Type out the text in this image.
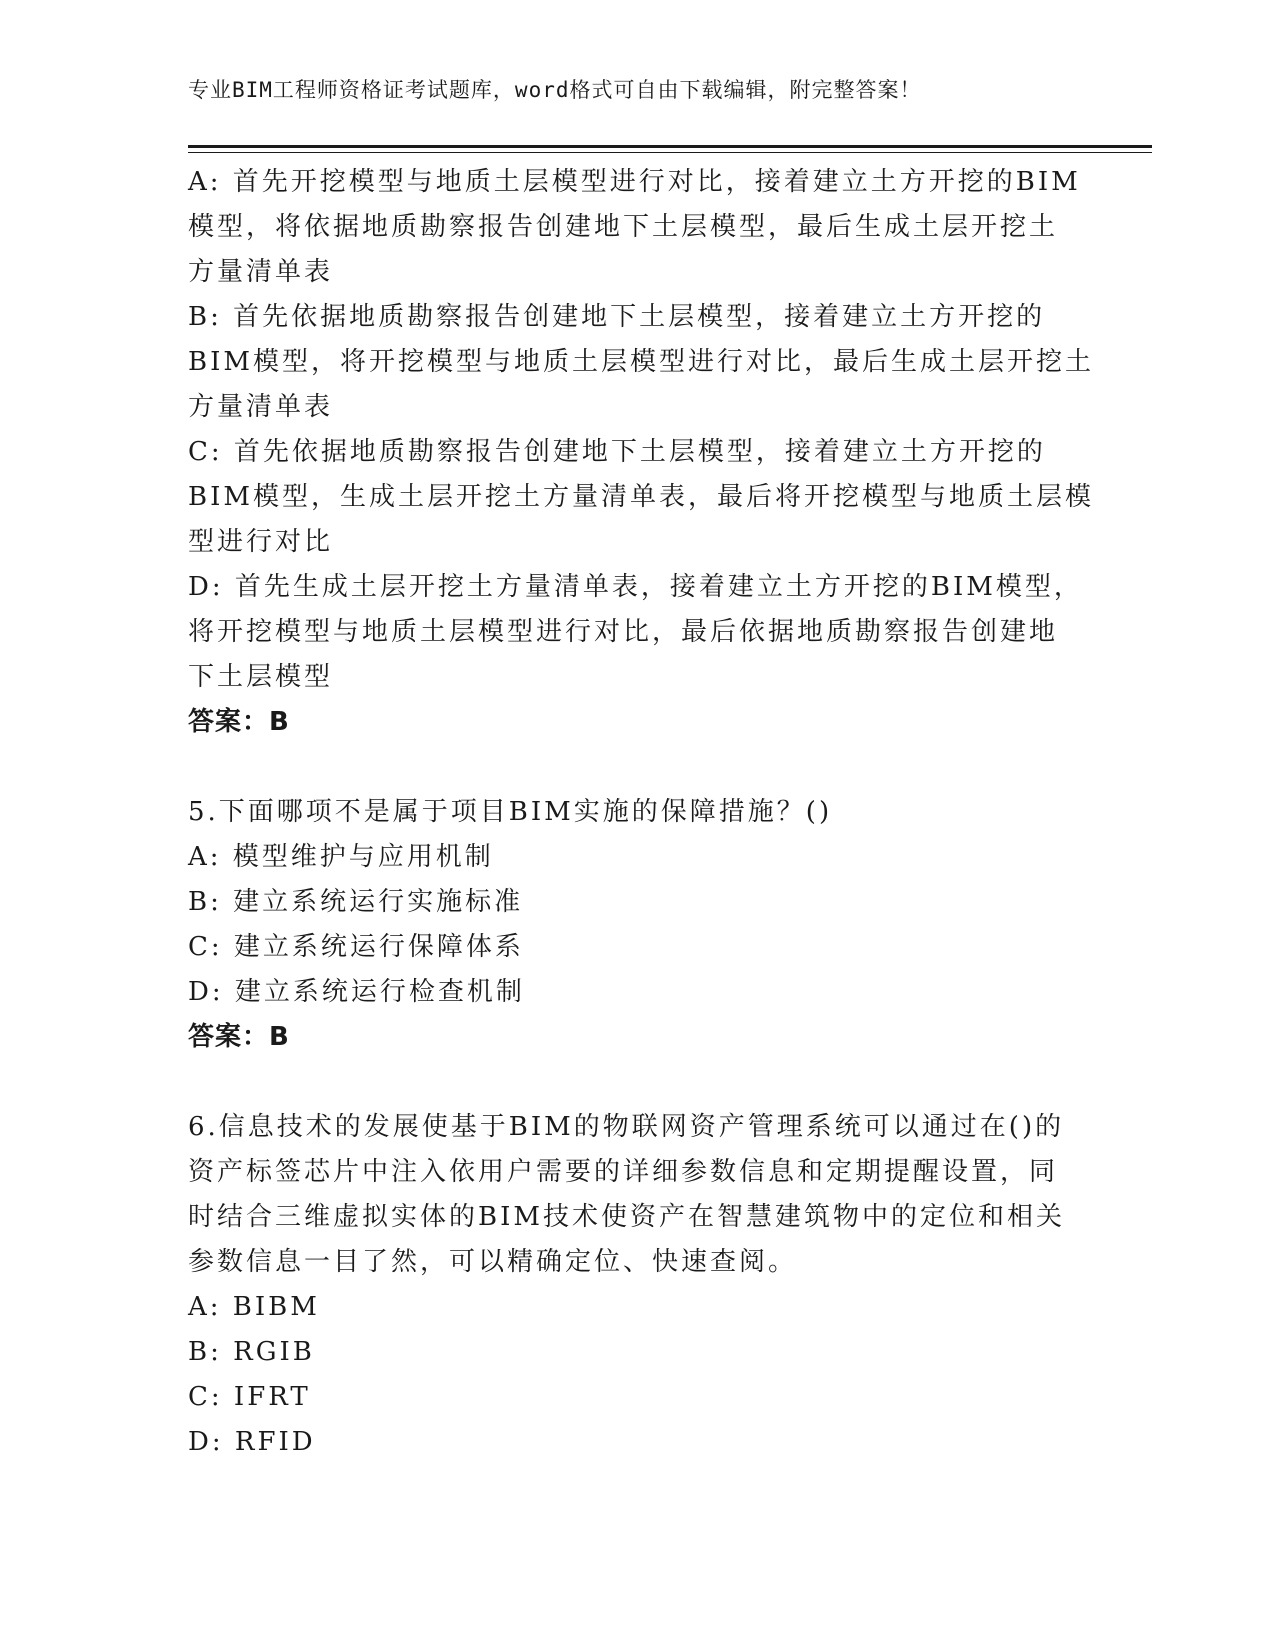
专业BIM工程师资格证考试题库，word格式可自由下载编辑，附完整答案！
A: 首先开挖模型与地质土层模型进行对比，接着建立土方开挖的BIM
模型，将依据地质勘察报告创建地下土层模型，最后生成土层开挖土
方量清单表
B: 首先依据地质勘察报告创建地下土层模型，接着建立土方开挖的
BIM模型，将开挖模型与地质土层模型进行对比，最后生成土层开挖土
方量清单表
C: 首先依据地质勘察报告创建地下土层模型，接着建立土方开挖的
BIM模型，生成土层开挖土方量清单表，最后将开挖模型与地质土层模
型进行对比
D: 首先生成土层开挖土方量清单表，接着建立土方开挖的BIM模型，
将开挖模型与地质土层模型进行对比，最后依据地质勘察报告创建地
下土层模型
答案：B
5.下面哪项不是属于项目BIM实施的保障措施？()
A: 模型维护与应用机制
B: 建立系统运行实施标准
C: 建立系统运行保障体系
D: 建立系统运行检查机制
答案：B
6.信息技术的发展使基于BIM的物联网资产管理系统可以通过在()的
资产标签芯片中注入依用户需要的详细参数信息和定期提醒设置，同
时结合三维虚拟实体的BIM技术使资产在智慧建筑物中的定位和相关
参数信息一目了然，可以精确定位、快速查阅。
A: BIBM
B: RGIB
C: IFRT
D: RFID
